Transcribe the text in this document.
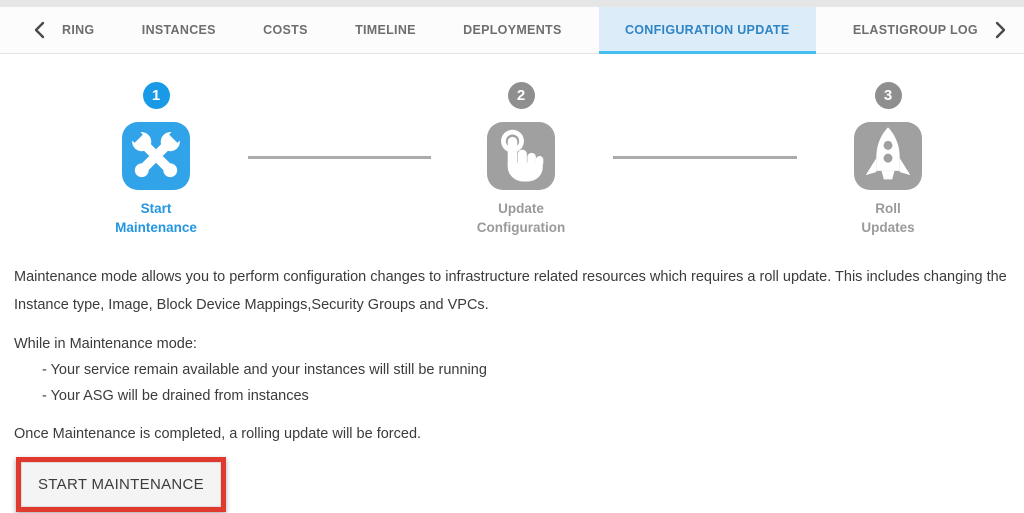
RING	INSTANCES	COSTS	TIMELINE	DEPLOYMENTS	CONFIGURATION UPDATE	ELASTIGROUP LOG
1
Start
Maintenance
2
Update
Configuration
3
Roll
Updates

Maintenance mode allows you to perform configuration changes to infrastructure related resources which requires a roll update. This includes changing the Instance type, Image, Block Device Mappings,Security Groups and VPCs.

While in Maintenance mode:

- Your service remain available and your instances will still be running

- Your ASG will be drained from instances

Once Maintenance is completed, a rolling update will be forced.

START MAINTENANCE
